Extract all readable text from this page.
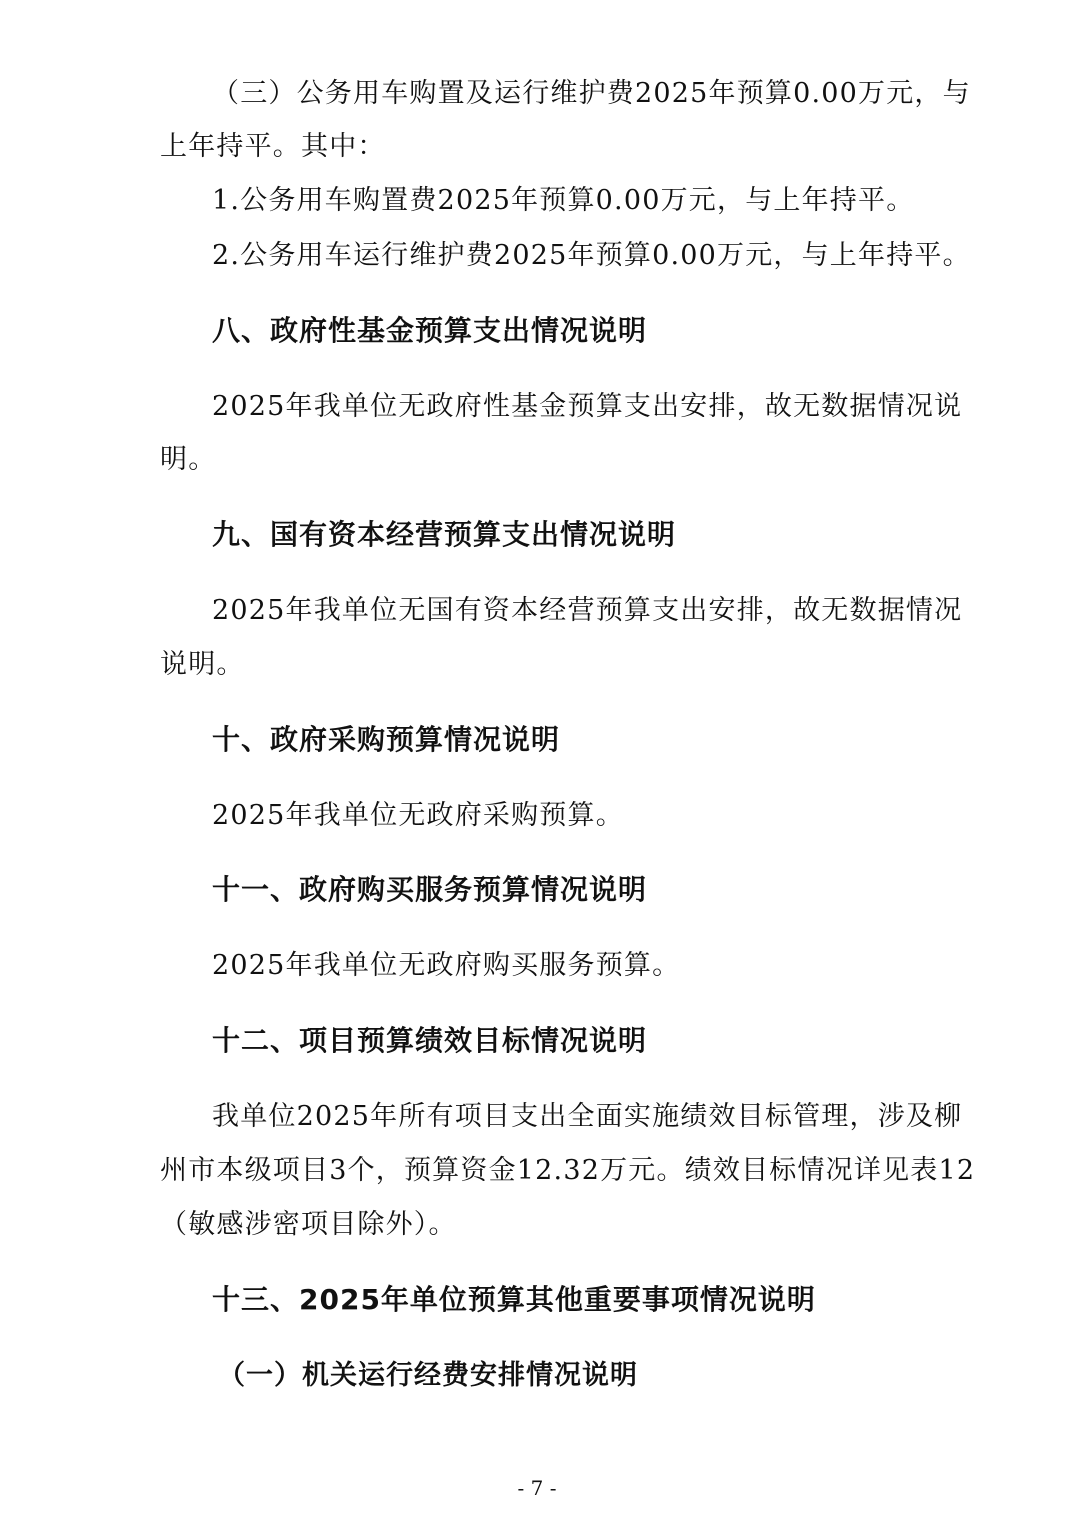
（三）公务用车购置及运行维护费2025年预算0.00万元，与
上年持平。其中：
1.公务用车购置费2025年预算0.00万元，与上年持平。
2.公务用车运行维护费2025年预算0.00万元，与上年持平。
八、政府性基金预算支出情况说明
2025年我单位无政府性基金预算支出安排，故无数据情况说
明。
九、国有资本经营预算支出情况说明
2025年我单位无国有资本经营预算支出安排，故无数据情况
说明。
十、政府采购预算情况说明
2025年我单位无政府采购预算。
十一、政府购买服务预算情况说明
2025年我单位无政府购买服务预算。
十二、项目预算绩效目标情况说明
我单位2025年所有项目支出全面实施绩效目标管理，涉及柳
州市本级项目3个，预算资金12.32万元。绩效目标情况详见表12
（敏感涉密项目除外）。
十三、2025年单位预算其他重要事项情况说明
（一）机关运行经费安排情况说明
- 7 -
